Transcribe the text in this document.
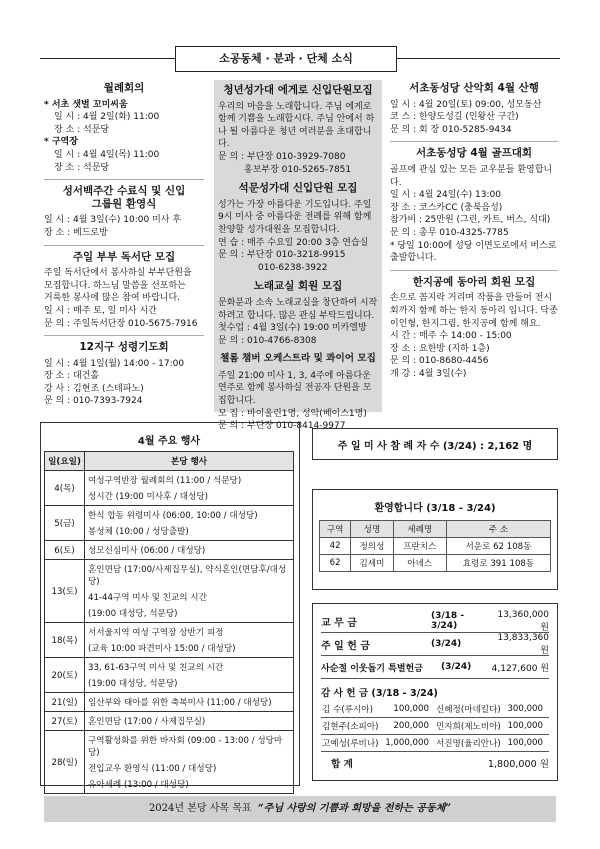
소공동체 · 분과 · 단체 소식
월례회의

* 서초 샛별 꼬미씨움

일 시 : 4월 2일(화) 11:00

장 소 : 석문당

* 구역장

일 시 : 4월 4일(목) 11:00

장 소 : 석문당

성서백주간 수료식 및 신입 그룹원 환영식

일 시 : 4월 3일(수) 10:00 미사 후

장 소 : 베드로방

주일 부부 독서단 모집

주일 독서단에서 봉사하실 부부단원을

모집합니다. 하느님 말씀을 선포하는

거룩한 봉사에 많은 참여 바랍니다.

일 시 : 매주 토, 일 미사 시간

문 의 : 주일독서단장 010-5675-7916

12지구 성령기도회

일 시 : 4월 1일(월) 14:00 - 17:00

장 소 : 대건홀

강 사 : 김현조 (스테파노)

문 의 : 010-7393-7924

청년성가대 에게로 신입단원모집

우리의 마음을 노래합니다. 주님 에게로 함께 기쁨을 노래합시다. 주님 안에서 하나 될 아름다운 청년 여러분을 초대합니다.

문 의 : 부단장 010-3929-7080

홍보부장 010-5265-7851

석문성가대 신입단원 모집

성가는 가장 아름다운 기도입니다. 주일 9시 미사 중 아름다운 전례를 위해 함께 찬양할 성가대원을 모집합니다.

연 습 : 매주 수요일 20:00 3층 연습실

문 의 : 부단장 010-3218-9915

010-6238-3922

노래교실 회원 모집

문화분과 소속 노래교실을 창단하여 시작하려고 합니다. 많은 관심 부탁드립니다.

첫수업 : 4월 3일(수) 19:00 미카엘방

문 의 : 010-4766-8308

첼롬 챔버 오케스트라 및 콰이어 모집

주일 21:00 미사 1, 3, 4주에 아름다운 연주로 함께 봉사하실 전공자 단원을 모집합니다.

모 집 : 바이올린1명, 성악(베이스1명)

문 의 : 부단장 010-8414-9977

서초동성당 산악회 4월 산행

일 시 : 4월 20일(토) 09:00, 성모동산

코 스 : 한양도성길 (인왕산 구간)

문 의 : 회 장 010-5285-9434

서초동성당 4월 골프대회

골프에 관심 있는 모든 교우분들 환영합니다.

일 시 : 4월 24일(수) 13:00

장 소 : 코스카CC (충북음성)

참가비 : 25만원 (그린, 카트, 버스, 식대)

문 의 : 총무 010-4325-7785

* 당일 10:00에 성당 이면도로에서 버스로 출발합니다.

한지공예 동아리 회원 모집

손으로 꼼지락 거리며 작품을 만들어 전시회까지 함께 하는 한지 동아리 입니다. 닥종이인형, 한지그림, 한지공예 함께 해요.

시 간 : 매주 수 14:00 - 15:00

장 소 : 요한방 (지하 1층)

문 의 : 010-8680-4456

개 강 : 4월 3일(수)

4월 주요 행사
일(요일)	본당 행사
4(목)	여성구역반장 월례회의 (11:00 / 석문당)
성시간 (19:00 미사후 / 대성당)

5(금)	한식 합동 위령미사 (06:00, 10:00 / 대성당)
봉성체 (10:00 / 성당출발)

6(토)	성모신심미사 (06:00 / 대성당)

13(토)	혼인면담 (17:00/사제집무실), 약식혼인(면담후/대성당)
41-44구역 미사 및 친교의 시간
(19:00 대성당, 석문당)

18(목)	서서울지역 여성 구역장 상반기 피정
(교육 10:00 파견미사 15:00 / 대성당)

20(토)	33, 61-63구역 미사 및 친교의 시간
(19:00 대성당, 석문당)

21(일)	임산부와 태아를 위한 축복미사 (11:00 / 대성당)

27(토)	혼인면담 (17:00 / 사제집무실)

28(일)	구역활성화를 위한 바자회 (09:00 - 13:00 / 성당마당)
전입교우 환영식 (11:00 / 대성당)
유아세례 (13:00 / 대성당)
주 일 미 사 참 례 자 수 (3/24) : 2,162 명
환영합니다 (3/18 - 3/24)
구역	성명	세례명	주 소
42	정의성	프란치스	서운로 62 108동
62	김세미	아녜스	효령로 391 108동
교 무 금
(3/18 - 3/24)
13,360,000 원
주 일 헌 금	(3/24)
13,833,360 원
사순절 이웃돕기 특별헌금	(3/24)	4,127,600 원
감 사 헌 금 (3/18 - 3/24)
김 수(루시아)	100,000	신혜정(마네킬다)	300,000
김현주(소피아)	200,000	민지희(제노비아)	100,000
고예성(루비나)	1,000,000	서진명(율리안나)	100,000
합 계	1,800,000 원
2024년 본당 사목 목표 “주님 사랑의 기쁨과 희망을 전하는 공동체”
